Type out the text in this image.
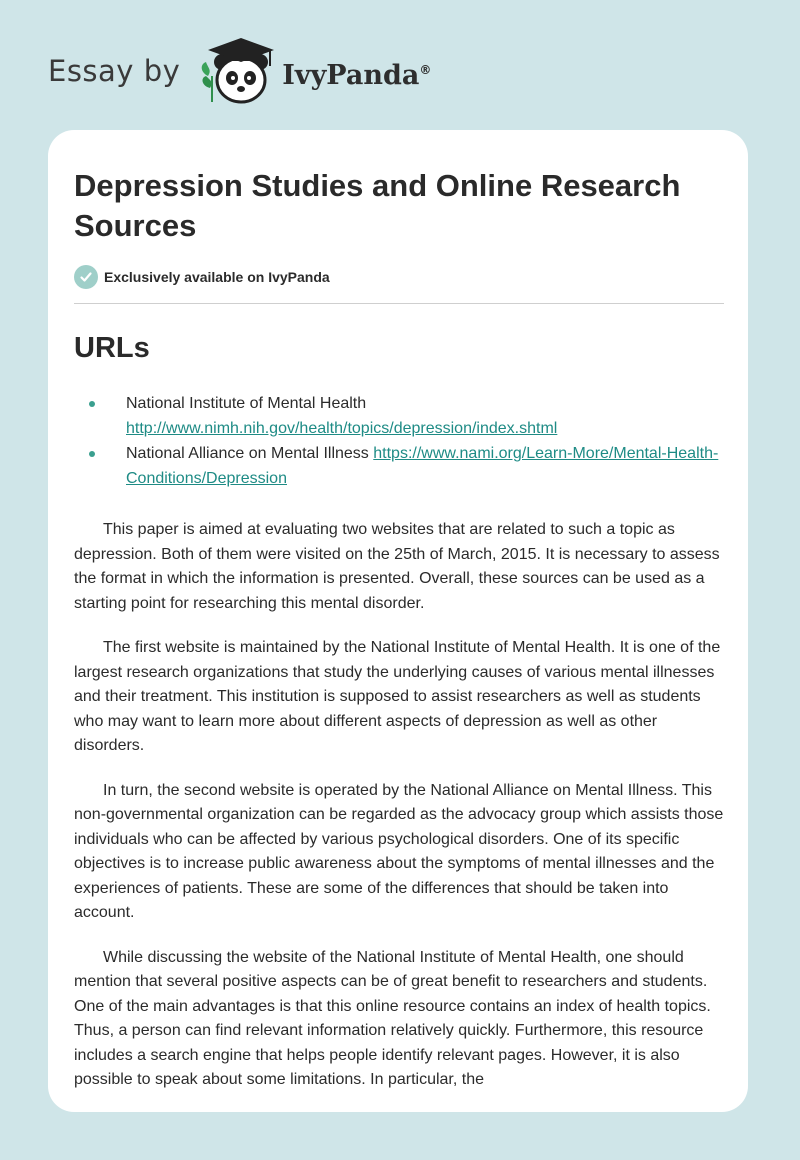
Essay by	IvyPanda®
Depression Studies and Online Research Sources
Exclusively available on IvyPanda
URLs
National Institute of Mental Health
http://www.nimh.nih.gov/health/topics/depression/index.shtml
National Alliance on Mental Illness https://www.nami.org/Learn-More/Mental-Health-Conditions/Depression

This paper is aimed at evaluating two websites that are related to such a topic as depression. Both of them were visited on the 25th of March, 2015. It is necessary to assess the format in which the information is presented. Overall, these sources can be used as a starting point for researching this mental disorder.

The first website is maintained by the National Institute of Mental Health. It is one of the largest research organizations that study the underlying causes of various mental illnesses and their treatment. This institution is supposed to assist researchers as well as students who may want to learn more about different aspects of depression as well as other disorders.

In turn, the second website is operated by the National Alliance on Mental Illness. This non-governmental organization can be regarded as the advocacy group which assists those individuals who can be affected by various psychological disorders. One of its specific objectives is to increase public awareness about the symptoms of mental illnesses and the experiences of patients. These are some of the differences that should be taken into account.

While discussing the website of the National Institute of Mental Health, one should mention that several positive aspects can be of great benefit to researchers and students. One of the main advantages is that this online resource contains an index of health topics. Thus, a person can find relevant information relatively quickly. Furthermore, this resource includes a search engine that helps people identify relevant pages. However, it is also possible to speak about some limitations. In particular, the
